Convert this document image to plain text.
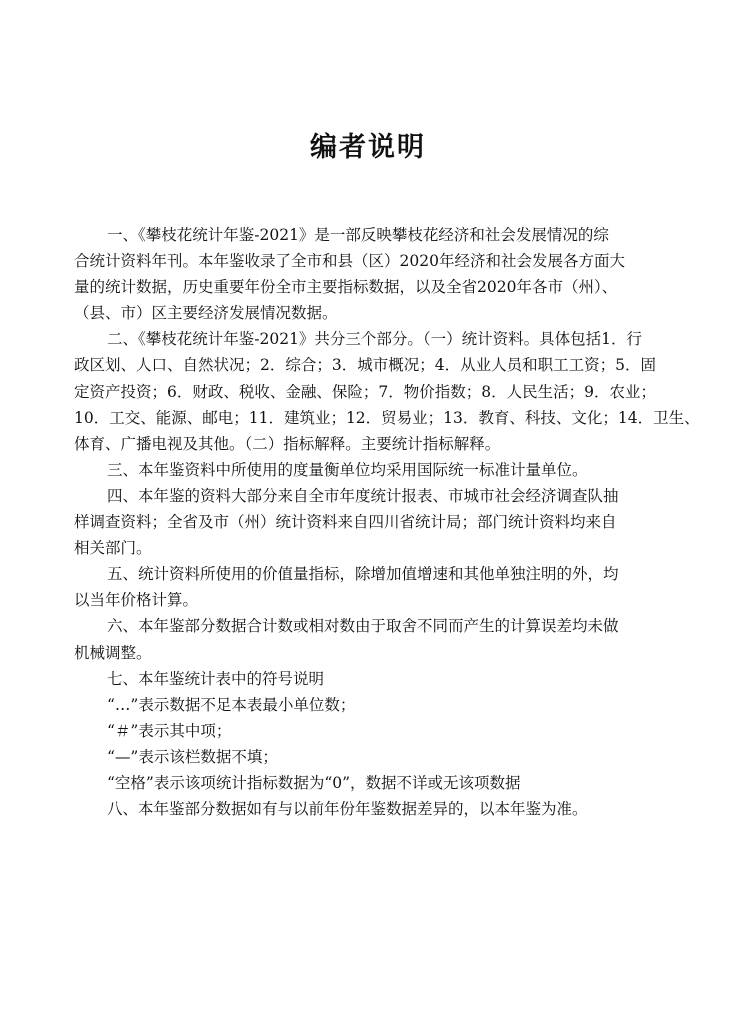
编者说明

一、《攀枝花统计年鉴-2021》是一部反映攀枝花经济和社会发展情况的综
合统计资料年刊。本年鉴收录了全市和县（区）2020年经济和社会发展各方面大
量的统计数据，历史重要年份全市主要指标数据，以及全省2020年各市（州）、
（县、市）区主要经济发展情况数据。

二、《攀枝花统计年鉴-2021》共分三个部分。（一）统计资料。具体包括1．行
政区划、人口、自然状况；2．综合；3．城市概况；4．从业人员和职工工资；5．固
定资产投资；6．财政、税收、金融、保险；7．物价指数；8．人民生活；9．农业；
10．工交、能源、邮电；11．建筑业；12．贸易业；13．教育、科技、文化；14．卫生、
体育、广播电视及其他。（二）指标解释。主要统计指标解释。

三、本年鉴资料中所使用的度量衡单位均采用国际统一标准计量单位。

四、本年鉴的资料大部分来自全市年度统计报表、市城市社会经济调查队抽
样调查资料；全省及市（州）统计资料来自四川省统计局；部门统计资料均来自
相关部门。

五、统计资料所使用的价值量指标，除增加值增速和其他单独注明的外，均
以当年价格计算。

六、本年鉴部分数据合计数或相对数由于取舍不同而产生的计算误差均未做
机械调整。

七、本年鉴统计表中的符号说明

“…”表示数据不足本表最小单位数；

“＃”表示其中项；

“—”表示该栏数据不填；

“空格”表示该项统计指标数据为“0”，数据不详或无该项数据

八、本年鉴部分数据如有与以前年份年鉴数据差异的，以本年鉴为准。
